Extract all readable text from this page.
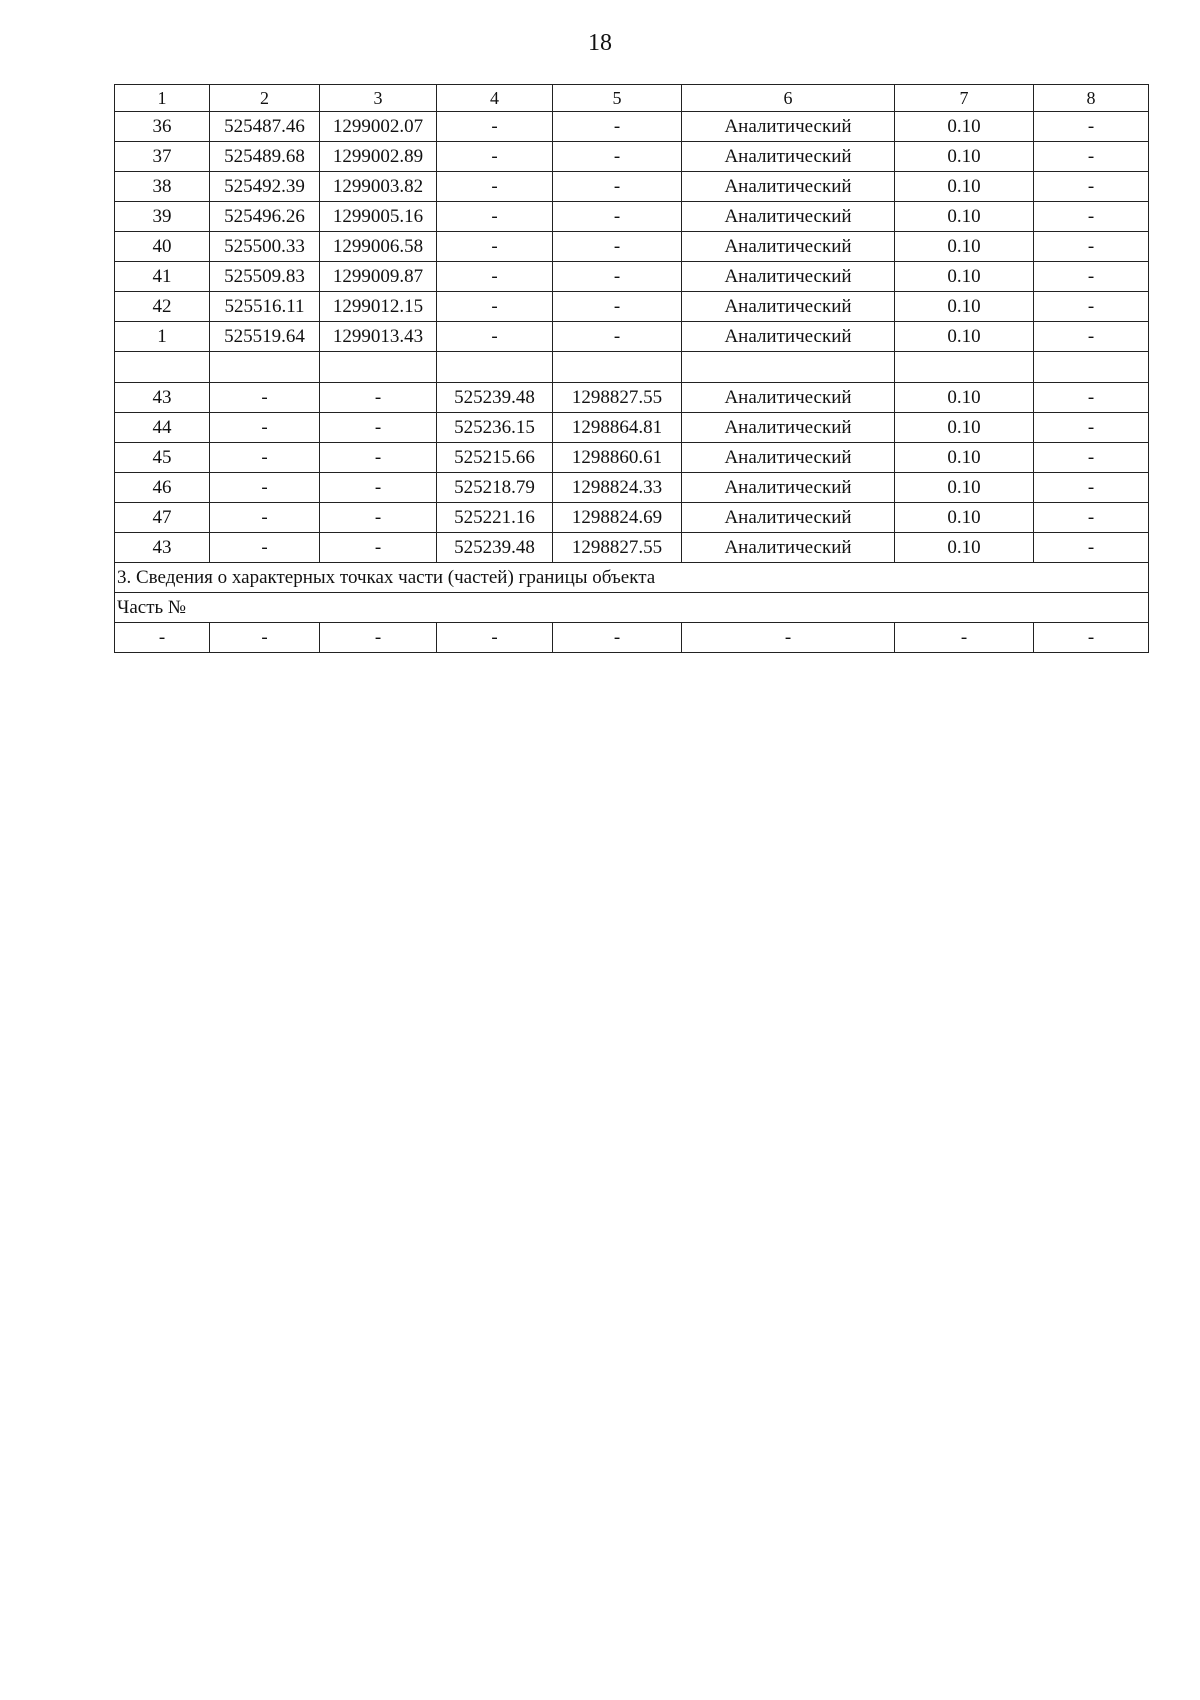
18
1	2	3	4	5	6	7	8
36	525487.46	1299002.07	-	-	Аналитический	0.10	-
37	525489.68	1299002.89	-	-	Аналитический	0.10	-
38	525492.39	1299003.82	-	-	Аналитический	0.10	-
39	525496.26	1299005.16	-	-	Аналитический	0.10	-
40	525500.33	1299006.58	-	-	Аналитический	0.10	-
41	525509.83	1299009.87	-	-	Аналитический	0.10	-
42	525516.11	1299012.15	-	-	Аналитический	0.10	-
1	525519.64	1299013.43	-	-	Аналитический	0.10	-

43	-	-	525239.48	1298827.55	Аналитический	0.10	-
44	-	-	525236.15	1298864.81	Аналитический	0.10	-
45	-	-	525215.66	1298860.61	Аналитический	0.10	-
46	-	-	525218.79	1298824.33	Аналитический	0.10	-
47	-	-	525221.16	1298824.69	Аналитический	0.10	-
43	-	-	525239.48	1298827.55	Аналитический	0.10	-
3. Сведения о характерных точках части (частей) границы объекта							
Часть №							
-	-	-	-	-	-	-	-
